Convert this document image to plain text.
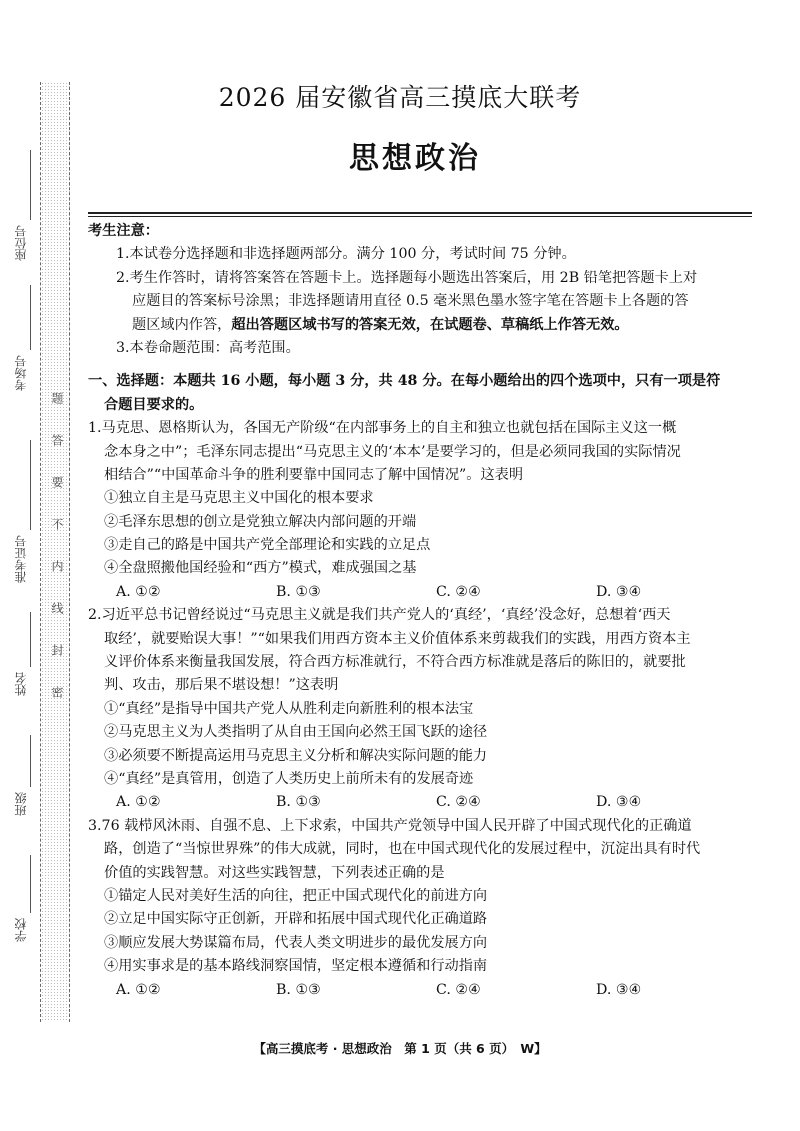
题
答
要
不
内
线
封
密
座位号
考场号
准考证号
姓名
班级
学校
2026 届安徽省高三摸底大联考
思想政治
考生注意：
1.本试卷分选择题和非选择题两部分。满分 100 分，考试时间 75 分钟。
2.考生作答时，请将答案答在答题卡上。选择题每小题选出答案后，用 2B 铅笔把答题卡上对
应题目的答案标号涂黑；非选择题请用直径 0.5 毫米黑色墨水签字笔在答题卡上各题的答
题区域内作答，超出答题区域书写的答案无效，在试题卷、草稿纸上作答无效。
3.本卷命题范围：高考范围。
一、选择题：本题共 16 小题，每小题 3 分，共 48 分。在每小题给出的四个选项中，只有一项是符
合题目要求的。
1.马克思、恩格斯认为，各国无产阶级“在内部事务上的自主和独立也就包括在国际主义这一概
念本身之中”；毛泽东同志提出“马克思主义的‘本本’是要学习的，但是必须同我国的实际情况
相结合”“中国革命斗争的胜利要靠中国同志了解中国情况”。这表明
①独立自主是马克思主义中国化的根本要求
②毛泽东思想的创立是党独立解决内部问题的开端
③走自己的路是中国共产党全部理论和实践的立足点
④全盘照搬他国经验和“西方”模式，难成强国之基
A. ①②	B. ①③	C. ②④	D. ③④
2.习近平总书记曾经说过“马克思主义就是我们共产党人的‘真经’，‘真经’没念好，总想着‘西天
取经’，就要贻误大事！”“如果我们用西方资本主义价值体系来剪裁我们的实践，用西方资本主
义评价体系来衡量我国发展，符合西方标准就行，不符合西方标准就是落后的陈旧的，就要批
判、攻击，那后果不堪设想！”这表明
①“真经”是指导中国共产党人从胜利走向新胜利的根本法宝
②马克思主义为人类指明了从自由王国向必然王国飞跃的途径
③必须要不断提高运用马克思主义分析和解决实际问题的能力
④“真经”是真管用，创造了人类历史上前所未有的发展奇迹
A. ①②	B. ①③	C. ②④	D. ③④
3.76 载栉风沐雨、自强不息、上下求索，中国共产党领导中国人民开辟了中国式现代化的正确道
路，创造了“当惊世界殊”的伟大成就，同时，也在中国式现代化的发展过程中，沉淀出具有时代
价值的实践智慧。对这些实践智慧，下列表述正确的是
①锚定人民对美好生活的向往，把正中国式现代化的前进方向
②立足中国实际守正创新，开辟和拓展中国式现代化正确道路
③顺应发展大势谋篇布局，代表人类文明进步的最优发展方向
④用实事求是的基本路线洞察国情，坚定根本遵循和行动指南
A. ①②	B. ①③	C. ②④	D. ③④
【高三摸底考 · 思想政治　第 1 页（共 6 页）　W】
